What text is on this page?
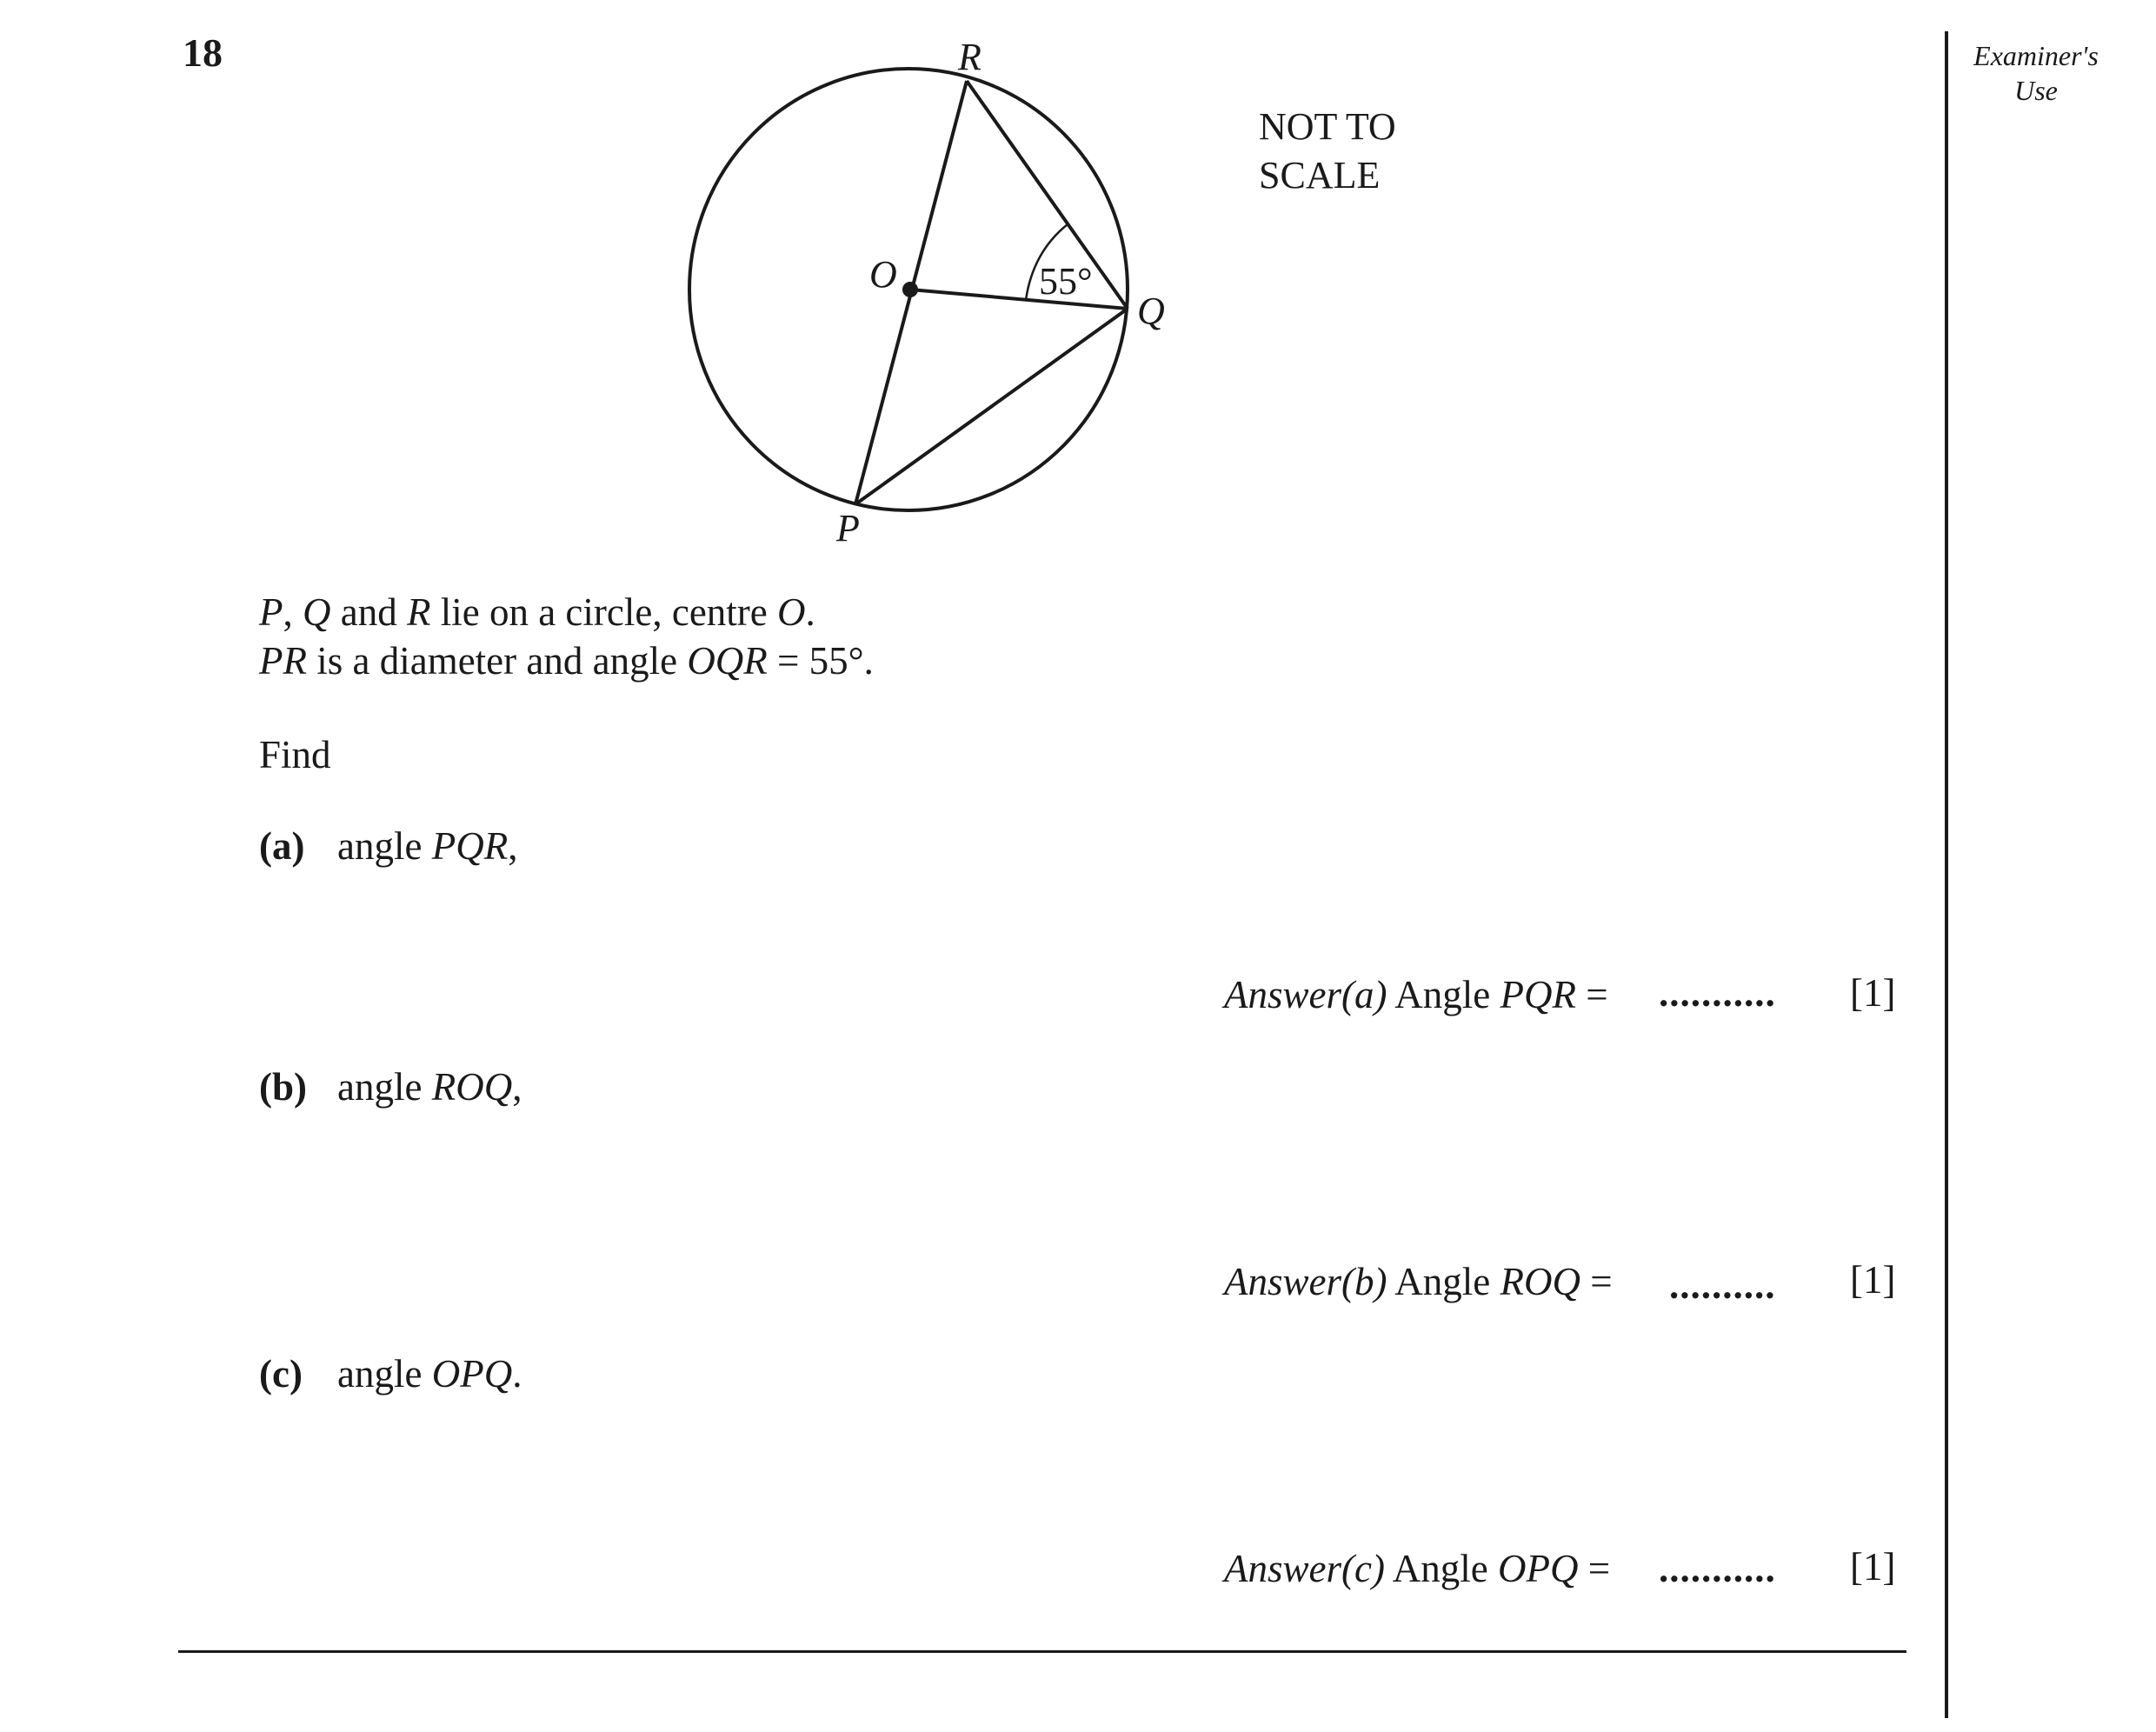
18	Examiner's Use
R
O
Q
P
55°
NOT TO
SCALE
P, Q and R lie on a circle, centre O.
PR is a diameter and angle OQR = 55°.
Find
(a) angle PQR,
Answer(a) Angle PQR = ........... [1]
(b) angle ROQ,
Answer(b) Angle ROQ = .......... [1]
(c) angle OPQ.
Answer(c) Angle OPQ = ........... [1]
